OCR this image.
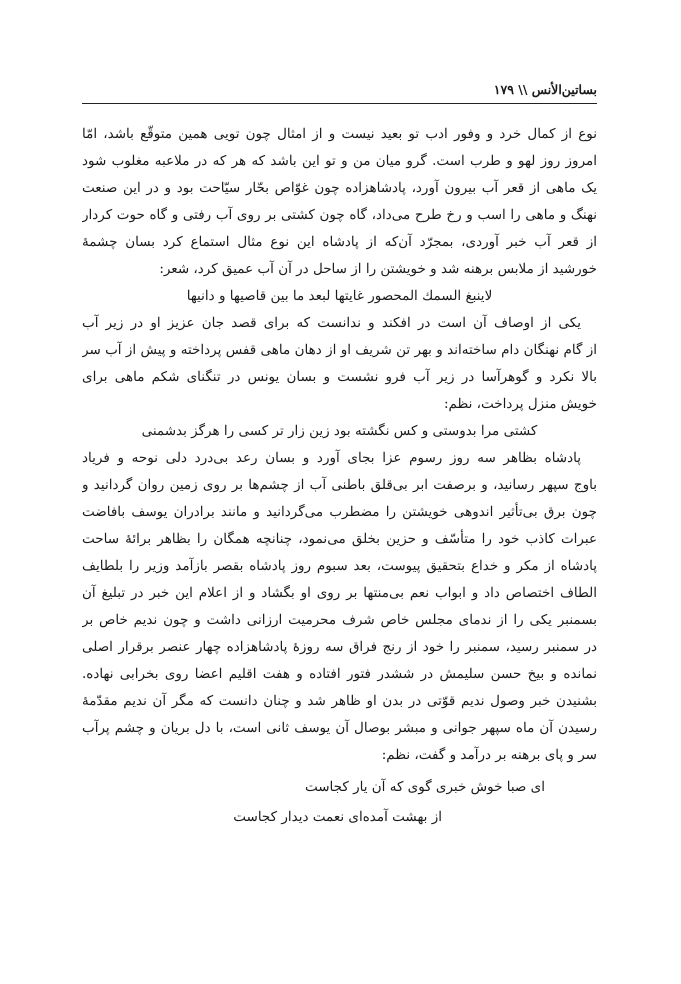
بساتین‌الأنس \\ ۱۷۹
نوع از کمال خرد و وفور ادب تو بعید نیست و از امثال چون تویی همین متوقّع باشد، امّا
امروز روز لهو و طرب است. گرو میان من و تو این باشد که هر که در ملاعبه مغلوب شود
یک ماهی از قعر آب بیرون آورد، پادشاهزاده چون غوّاص بحّار سیّاحت بود و در این صنعت
نهنگ و ماهی را اسب و رخ طرح می‌داد، گاه چون کشتی بر روی آب رفتی و گاه حوت کردار
از قعر آب خبر آوردی، بمجرّد آن‌که از پادشاه این نوع مثال استماع کرد بسان چشمهٔ
خورشید از ملابس برهنه شد و خویشتن را از ساحل در آن آب عمیق کرد، شعر:
لاینبغ السمك المحصور غایتها لبعد ما بین قاصیها و دانیها
یکی از اوصاف آن است در افکند و ندانست که برای قصد جان عزیز او در زیر آب
از گام نهنگان دام ساخته‌اند و بهر تن شریف او از دهان ماهی قفس پرداخته و پیش از آب سر
بالا نکرد و گوهرآسا در زیر آب فرو نشست و بسان یونس در تنگنای شکم ماهی برای
خویش منزل پرداخت، نظم:
کشتی مرا بدوستی و کس نگشته بود زین زار تر کسی را هرگز بدشمنی
پادشاه بظاهر سه روز رسوم عزا بجای آورد و بسان رعد بی‌درد دلی نوحه و فریاد
باوج سپهر رسانید، و برصفت ابر بی‌قلق باطنی آب از چشم‌ها بر روی زمین روان گردانید و
چون برق بی‌تأثیر اندوهی خویشتن را مضطرب می‌گردانید و مانند برادران یوسف بافاضت
عبرات کاذب خود را متأسّف و حزین بخلق می‌نمود، چنانچه همگان را بظاهر برائهٔ ساحت
پادشاه از مکر و خداع بتحقیق پیوست، بعد سبوم روز پادشاه بقصر بازآمد وزیر را بلطایف
الطاف اختصاص داد و ابواب نعم بی‌منتها بر روی او بگشاد و از اعلام این خبر در تبلیغ آن
بسمنبر یکی را از ندمای مجلس خاص شرف محرمیت ارزانی داشت و چون ندیم خاص بر
در سمنبر رسید، سمنبر را خود از رنج فراق سه روزهٔ پادشاهزاده چهار عنصر برقرار اصلی
نمانده و بیخ حسن سلیمش در ششدر فتور افتاده و هفت اقلیم اعضا روی بخرابی نهاده.
بشنیدن خبر وصول ندیم قوّتی در بدن او ظاهر شد و چنان دانست که مگر آن ندیم مقدّمهٔ
رسیدن آن ماه سپهر جوانی و مبشر بوصال آن یوسف ثانی است، با دل بریان و چشم پرآب
سر و پای برهنه بر درآمد و گفت، نظم:
ای صبا خوش خبری گوی که آن یار کجاست
از بهشت آمده‌ای نعمت دیدار کجاست
